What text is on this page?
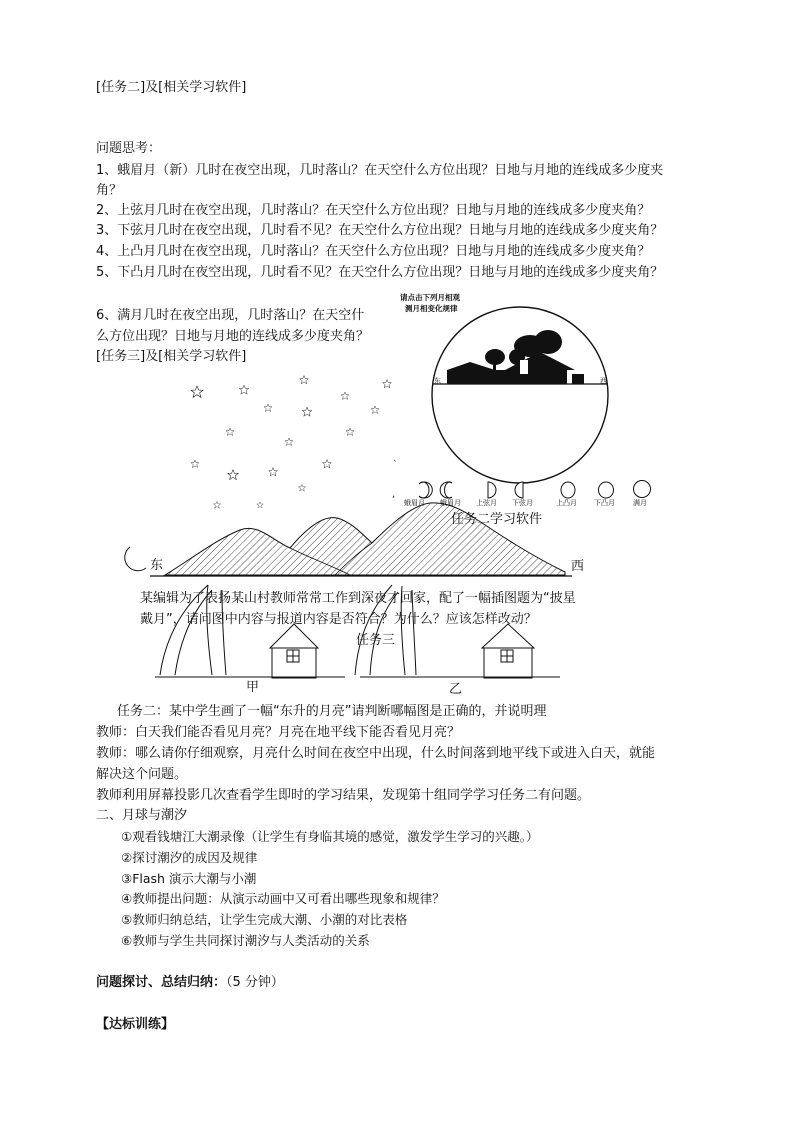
[任务二]及[相关学习软件]
问题思考：
1、蛾眉月（新）几时在夜空出现，几时落山？在天空什么方位出现？日地与月地的连线成多少度夹
角？
2、上弦月几时在夜空出现，几时落山？在天空什么方位出现？日地与月地的连线成多少度夹角？
3、下弦月几时在夜空出现，几时看不见？在天空什么方位出现？日地与月地的连线成多少度夹角？
4、上凸月几时在夜空出现，几时落山？在天空什么方位出现？日地与月地的连线成多少度夹角？
5、下凸月几时在夜空出现，几时看不见？在天空什么方位出现？日地与月地的连线成多少度夹角？
6、满月几时在夜空出现，几时落山？在天空什
么方位出现？日地与月地的连线成多少度夹角？
[任务三]及[相关学习软件]
ˋ
,
请点击下列月相观
测月相变化规律
东	西
蛾眉月 蛾眉月 上弦月 下弦月	上凸月 下凸月	满月
任务二学习软件
东	西
某编辑为了表扬某山村教师常常工作到深夜才回家，配了一幅插图题为“披星
戴月”，请问图中内容与报道内容是否符合？为什么？应该怎样改动？
任务三
甲	乙
任务二：某中学生画了一幅“东升的月亮”请判断哪幅图是正确的，并说明理
教师：白天我们能否看见月亮？月亮在地平线下能否看见月亮？
教师：哪么请你仔细观察，月亮什么时间在夜空中出现，什么时间落到地平线下或进入白天，就能
解决这个问题。
教师利用屏幕投影几次查看学生即时的学习结果，发现第十组同学学习任务二有问题。
二、月球与潮汐
①观看钱塘江大潮录像（让学生有身临其境的感觉，激发学生学习的兴趣。）
②探讨潮汐的成因及规律
③Flash 演示大潮与小潮
④教师提出问题：从演示动画中又可看出哪些现象和规律？
⑤教师归纳总结，让学生完成大潮、小潮的对比表格
⑥教师与学生共同探讨潮汐与人类活动的关系
问题探讨、总结归纳：（5 分钟）
【达标训练】
